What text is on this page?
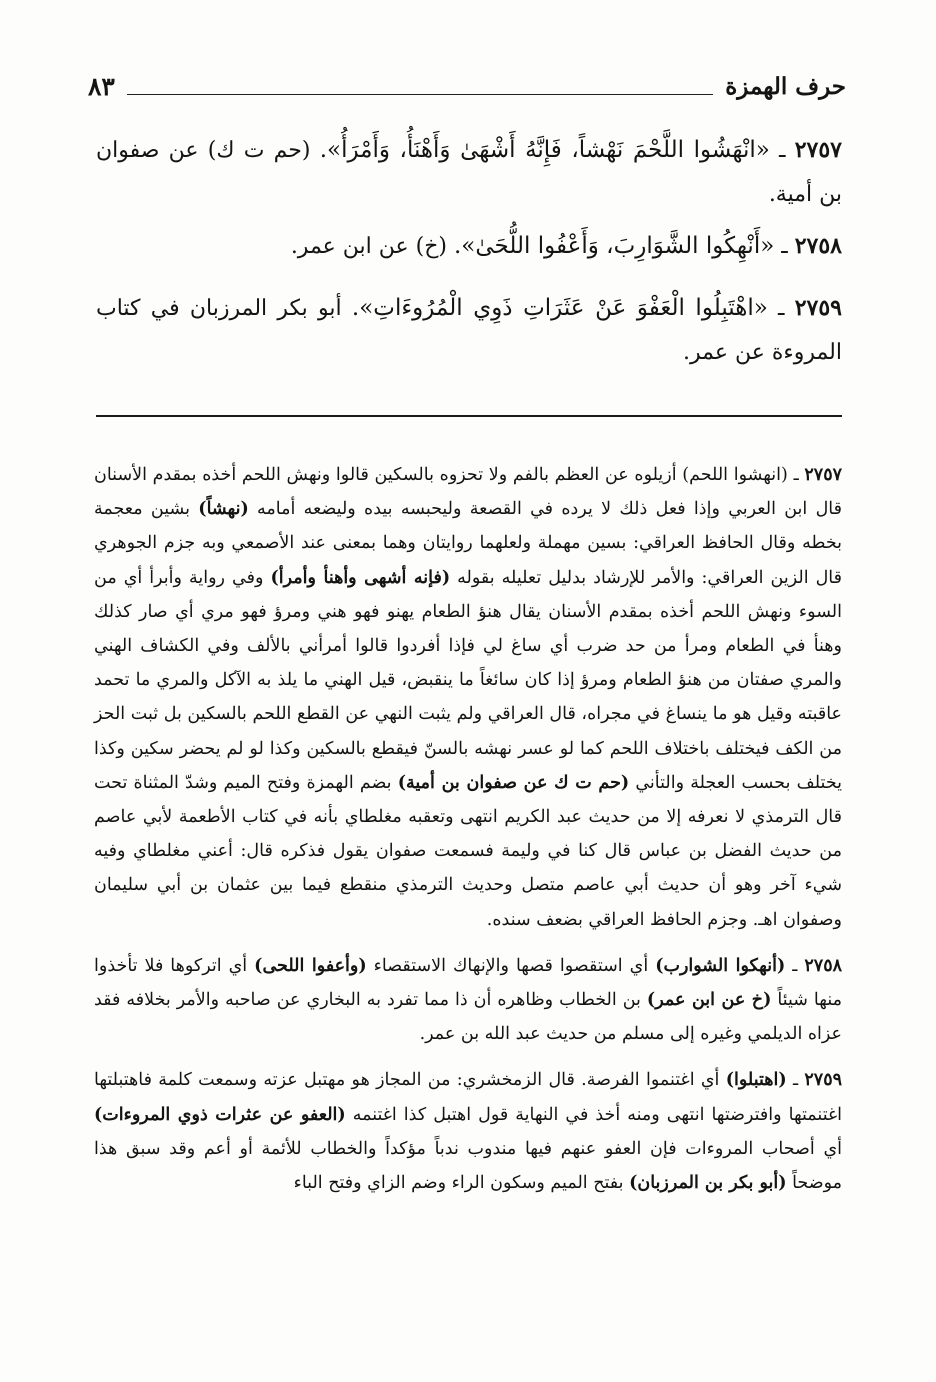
حرف الهمزة
٨٣
٢٧٥٧ ـ «انْهَشُوا اللَّحْمَ نَهْشاً، فَإِنَّهُ أَشْهَىٰ وَأَهْنَأُ، وَأَمْرَأُ». (حم ت ك) عن صفوان بن أمية.
٢٧٥٨ ـ «أَنْهِكُوا الشَّوَارِبَ، وَأَعْفُوا اللُّحَىٰ». (خ) عن ابن عمر.
٢٧٥٩ ـ «اهْتَبِلُوا الْعَفْوَ عَنْ عَثَرَاتِ ذَوِي الْمُرُوءَاتِ». أبو بكر المرزبان في كتاب المروءة عن عمر.

٢٧٥٧ ـ (انهشوا اللحم) أزيلوه عن العظم بالفم ولا تحزوه بالسكين قالوا ونهش اللحم أخذه بمقدم الأسنان قال ابن العربي وإذا فعل ذلك لا يرده في القصعة وليحبسه بيده وليضعه أمامه (نهشاً) بشين معجمة بخطه وقال الحافظ العراقي: بسين مهملة ولعلهما روايتان وهما بمعنى عند الأصمعي وبه جزم الجوهري قال الزين العراقي: والأمر للإرشاد بدليل تعليله بقوله (فإنه أشهى وأهنأ وأمرأ) وفي رواية وأبرأ أي من السوء ونهش اللحم أخذه بمقدم الأسنان يقال هنؤ الطعام يهنو فهو هني ومرؤ فهو مري أي صار كذلك وهنأ في الطعام ومرأ من حد ضرب أي ساغ لي فإذا أفردوا قالوا أمرأني بالألف وفي الكشاف الهني والمري صفتان من هنؤ الطعام ومرؤ إذا كان سائغاً ما ينقبض، قيل الهني ما يلذ به الآكل والمري ما تحمد عاقبته وقيل هو ما ينساغ في مجراه، قال العراقي ولم يثبت النهي عن القطع اللحم بالسكين بل ثبت الحز من الكف فيختلف باختلاف اللحم كما لو عسر نهشه بالسنّ فيقطع بالسكين وكذا لو لم يحضر سكين وكذا يختلف بحسب العجلة والتأني (حم ت ك عن صفوان بن أمية) بضم الهمزة وفتح الميم وشدّ المثناة تحت قال الترمذي لا نعرفه إلا من حديث عبد الكريم انتهى وتعقبه مغلطاي بأنه في كتاب الأطعمة لأبي عاصم من حديث الفضل بن عباس قال كنا في وليمة فسمعت صفوان يقول فذكره قال: أعني مغلطاي وفيه شيء آخر وهو أن حديث أبي عاصم متصل وحديث الترمذي منقطع فيما بين عثمان بن أبي سليمان وصفوان اهـ. وجزم الحافظ العراقي بضعف سنده.

٢٧٥٨ ـ (أنهكوا الشوارب) أي استقصوا قصها والإنهاك الاستقصاء (وأعفوا اللحى) أي اتركوها فلا تأخذوا منها شيئاً (خ عن ابن عمر) بن الخطاب وظاهره أن ذا مما تفرد به البخاري عن صاحبه والأمر بخلافه فقد عزاه الديلمي وغيره إلى مسلم من حديث عبد الله بن عمر.

٢٧٥٩ ـ (اهتبلوا) أي اغتنموا الفرصة. قال الزمخشري: من المجاز هو مهتبل عزته وسمعت كلمة فاهتبلتها اغتنمتها وافترضتها انتهى ومنه أخذ في النهاية قول اهتبل كذا اغتنمه (العفو عن عثرات ذوي المروءات) أي أصحاب المروءات فإن العفو عنهم فيها مندوب ندباً مؤكداً والخطاب للأئمة أو أعم وقد سبق هذا موضحاً (أبو بكر بن المرزبان) بفتح الميم وسكون الراء وضم الزاي وفتح الباء
